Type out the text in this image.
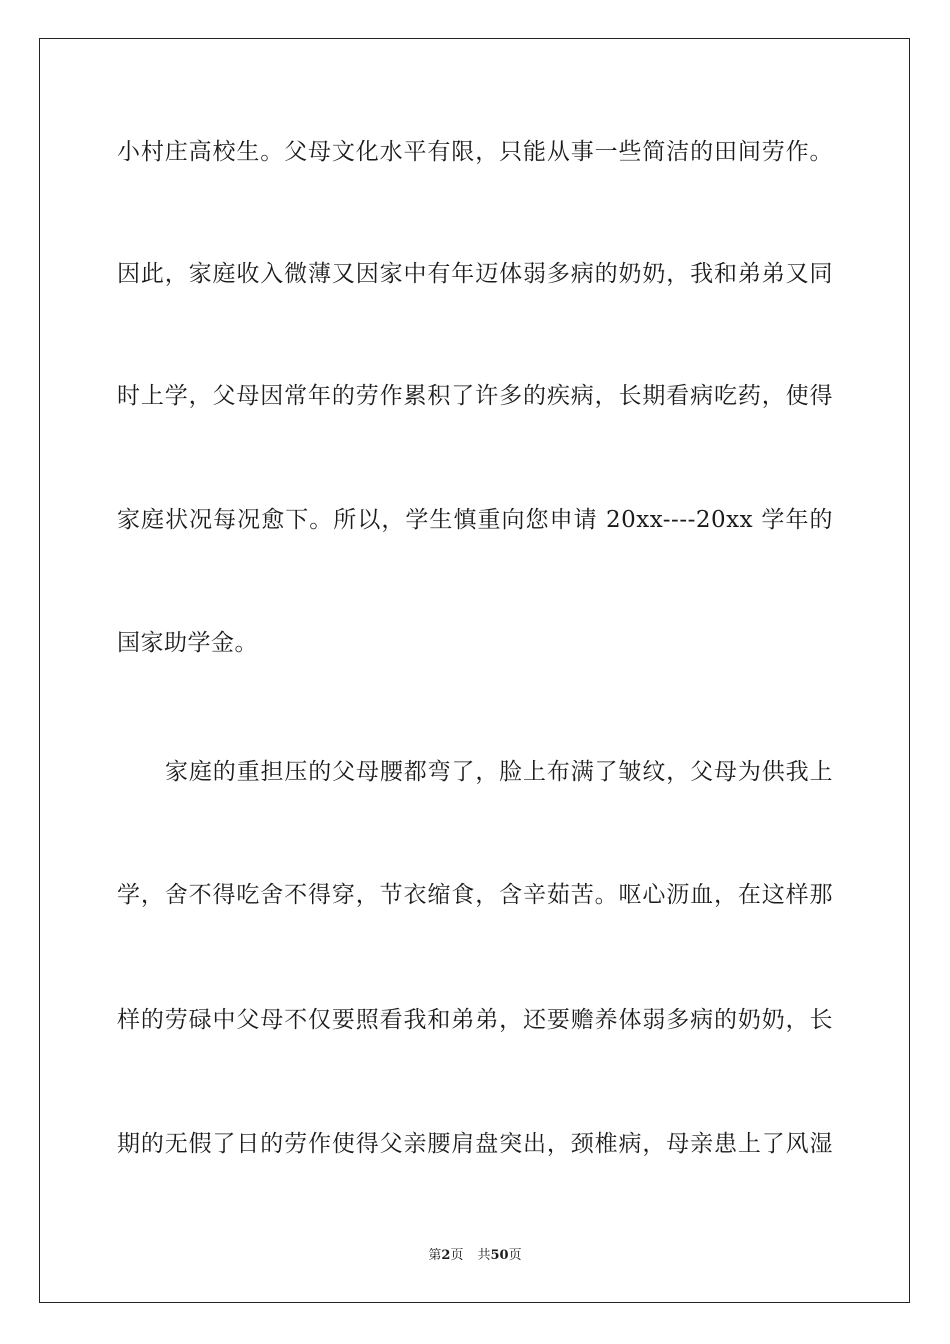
小村庄高校生。父母文化水平有限，只能从事一些简洁的田间劳作。
因此，家庭收入微薄又因家中有年迈体弱多病的奶奶，我和弟弟又同
时上学，父母因常年的劳作累积了许多的疾病，长期看病吃药，使得
家庭状况每况愈下。所以，学生慎重向您申请 20xx----20xx 学年的
国家助学金。
家庭的重担压的父母腰都弯了，脸上布满了皱纹，父母为供我上
学，舍不得吃舍不得穿，节衣缩食，含辛茹苦。呕心沥血，在这样那
样的劳碌中父母不仅要照看我和弟弟，还要赡养体弱多病的奶奶，长
期的无假了日的劳作使得父亲腰肩盘突出，颈椎病，母亲患上了风湿
第2页 共50页
